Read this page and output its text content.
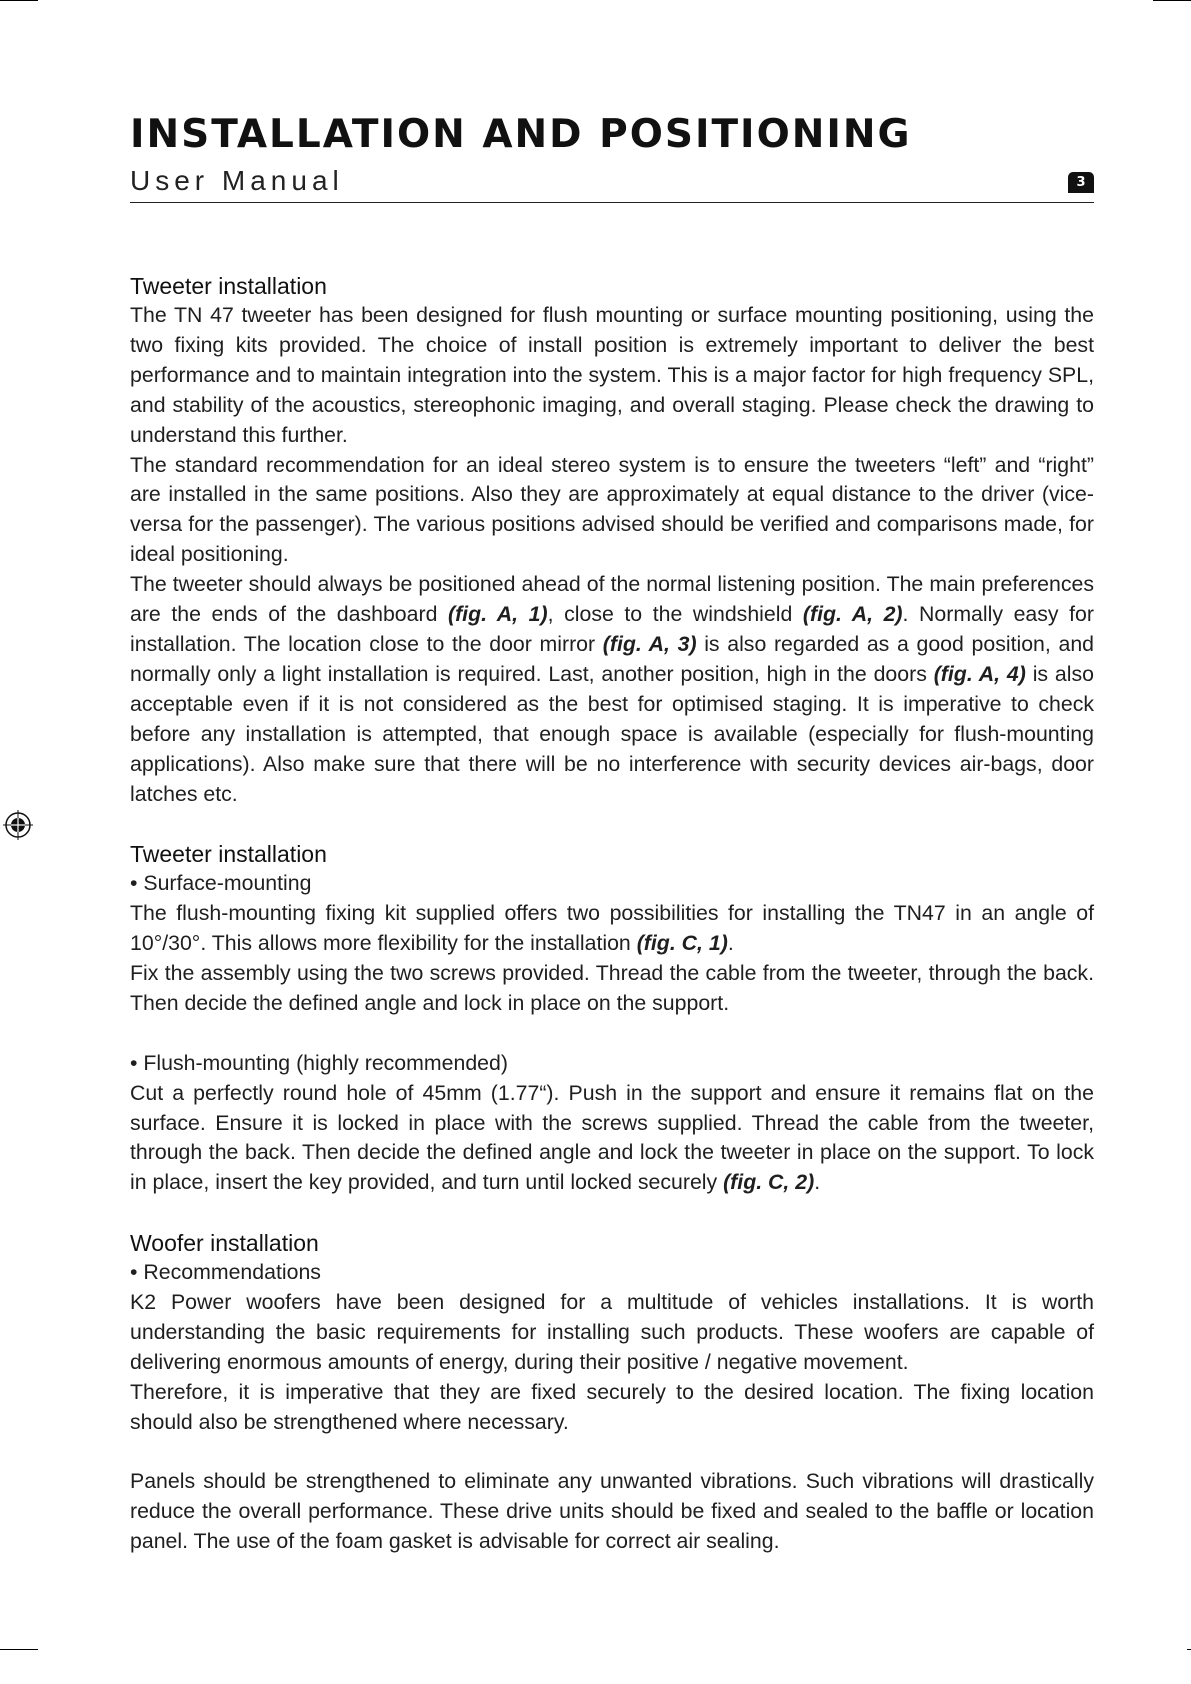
INSTALLATION AND POSITIONING
User Manual	3
Tweeter installation

The TN 47 tweeter has been designed for flush mounting or surface mounting positioning, using the two fixing kits provided. The choice of install position is extremely important to deliver the best performance and to maintain integration into the system. This is a major factor for high frequency SPL, and stability of the acoustics, stereophonic imaging, and overall staging. Please check the drawing to understand this further.

The standard recommendation for an ideal stereo system is to ensure the tweeters “left” and “right” are installed in the same positions. Also they are approximately at equal distance to the driver (vice-versa for the passenger). The various positions advised should be verified and comparisons made, for ideal positioning.

The tweeter should always be positioned ahead of the normal listening position. The main preferences are the ends of the dashboard (fig. A, 1), close to the windshield (fig. A, 2). Normally easy for installation. The location close to the door mirror (fig. A, 3) is also regarded as a good position, and normally only a light installation is required. Last, another position, high in the doors (fig. A, 4) is also acceptable even if it is not considered as the best for optimised staging. It is imperative to check before any installation is attempted, that enough space is available (especially for flush-mounting applications). Also make sure that there will be no interference with security devices air-bags, door latches etc.

Tweeter installation

• Surface-mounting

The flush-mounting fixing kit supplied offers two possibilities for installing the TN47 in an angle of 10°/30°. This allows more flexibility for the installation (fig. C, 1).

Fix the assembly using the two screws provided. Thread the cable from the tweeter, through the back. Then decide the defined angle and lock in place on the support.

• Flush-mounting (highly recommended)

Cut a perfectly round hole of 45mm (1.77“). Push in the support and ensure it remains flat on the surface. Ensure it is locked in place with the screws supplied. Thread the cable from the tweeter, through the back. Then decide the defined angle and lock the tweeter in place on the support. To lock in place, insert the key provided, and turn until locked securely (fig. C, 2).

Woofer installation

• Recommendations

K2 Power woofers have been designed for a multitude of vehicles installations. It is worth understanding the basic requirements for installing such products. These woofers are capable of delivering enormous amounts of energy, during their positive / negative movement.

Therefore, it is imperative that they are fixed securely to the desired location. The fixing location should also be strengthened where necessary.

Panels should be strengthened to eliminate any unwanted vibrations. Such vibrations will drastically reduce the overall performance. These drive units should be fixed and sealed to the baffle or location panel. The use of the foam gasket is advisable for correct air sealing.
